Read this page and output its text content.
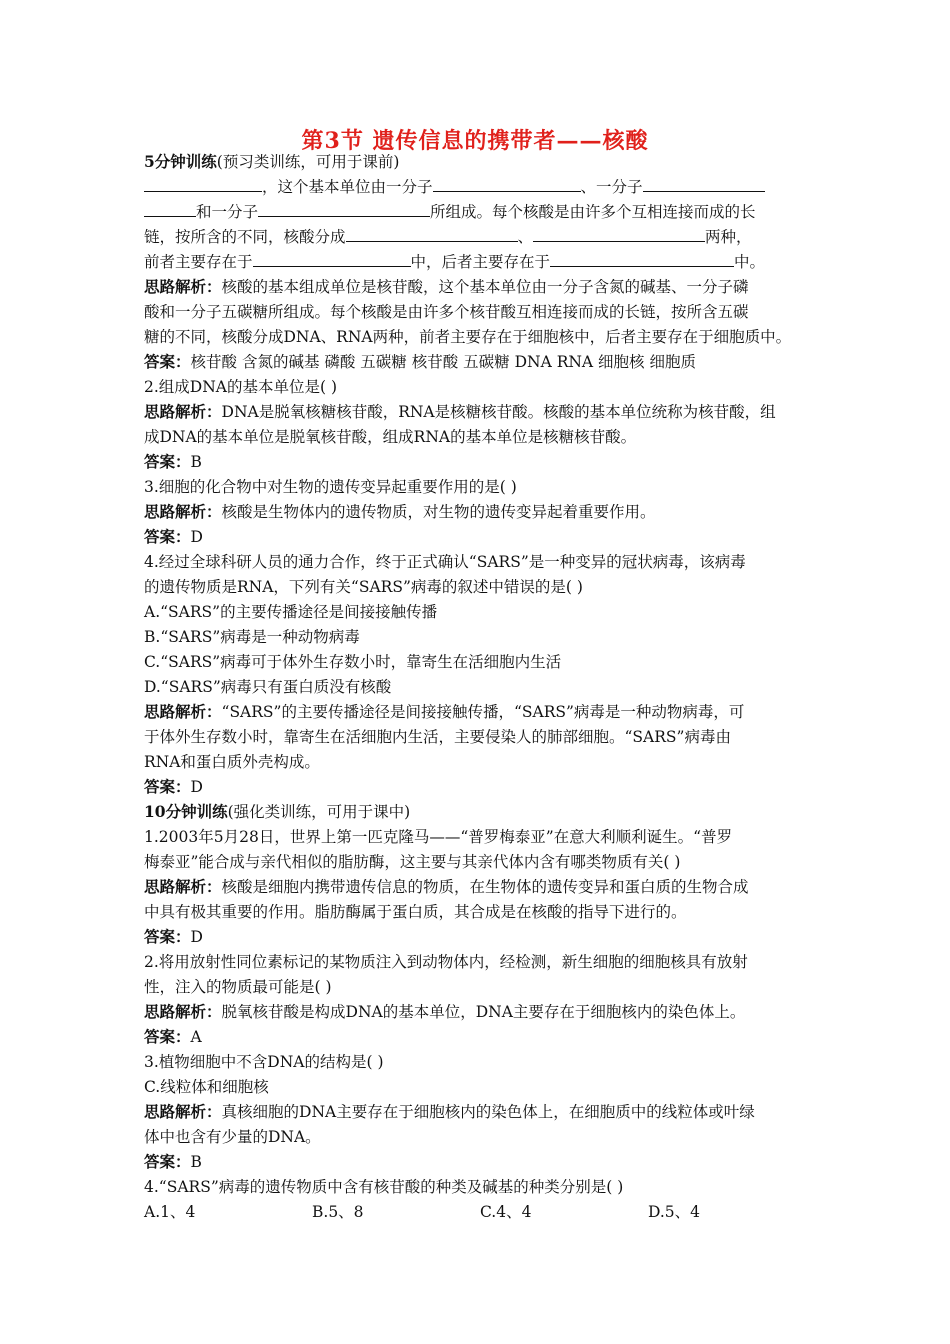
第3节 遗传信息的携带者——核酸
5分钟训练(预习类训练，可用于课前)
，这个基本单位由一分子	、一分子
和一分子	所组成。每个核酸是由许多个互相连接而成的长
链，按所含的不同，核酸分成	、	两种，
前者主要存在于	中，后者主要存在于	中。
思路解析：核酸的基本组成单位是核苷酸，这个基本单位由一分子含氮的碱基、一分子磷
酸和一分子五碳糖所组成。每个核酸是由许多个核苷酸互相连接而成的长链，按所含五碳
糖的不同，核酸分成DNA、RNA两种，前者主要存在于细胞核中，后者主要存在于细胞质中。
答案：核苷酸 含氮的碱基 磷酸 五碳糖 核苷酸 五碳糖 DNA RNA 细胞核 细胞质
2.组成DNA的基本单位是( )
思路解析：DNA是脱氧核糖核苷酸，RNA是核糖核苷酸。核酸的基本单位统称为核苷酸，组
成DNA的基本单位是脱氧核苷酸，组成RNA的基本单位是核糖核苷酸。
答案：B
3.细胞的化合物中对生物的遗传变异起重要作用的是( )
思路解析：核酸是生物体内的遗传物质，对生物的遗传变异起着重要作用。
答案：D
4.经过全球科研人员的通力合作，终于正式确认“SARS”是一种变异的冠状病毒，该病毒
的遗传物质是RNA，下列有关“SARS”病毒的叙述中错误的是( )
A.“SARS”的主要传播途径是间接接触传播
B.“SARS”病毒是一种动物病毒
C.“SARS”病毒可于体外生存数小时，靠寄生在活细胞内生活
D.“SARS”病毒只有蛋白质没有核酸
思路解析：“SARS”的主要传播途径是间接接触传播，“SARS”病毒是一种动物病毒，可
于体外生存数小时，靠寄生在活细胞内生活，主要侵染人的肺部细胞。“SARS”病毒由
RNA和蛋白质外壳构成。
答案：D
10分钟训练(强化类训练，可用于课中)
1.2003年5月28日，世界上第一匹克隆马——“普罗梅泰亚”在意大利顺利诞生。“普罗
梅泰亚”能合成与亲代相似的脂肪酶，这主要与其亲代体内含有哪类物质有关( )
思路解析：核酸是细胞内携带遗传信息的物质，在生物体的遗传变异和蛋白质的生物合成
中具有极其重要的作用。脂肪酶属于蛋白质，其合成是在核酸的指导下进行的。
答案：D
2.将用放射性同位素标记的某物质注入到动物体内，经检测，新生细胞的细胞核具有放射
性，注入的物质最可能是( )
思路解析：脱氧核苷酸是构成DNA的基本单位，DNA主要存在于细胞核内的染色体上。
答案：A
3.植物细胞中不含DNA的结构是( )
C.线粒体和细胞核
思路解析：真核细胞的DNA主要存在于细胞核内的染色体上，在细胞质中的线粒体或叶绿
体中也含有少量的DNA。
答案：B
4.“SARS”病毒的遗传物质中含有核苷酸的种类及碱基的种类分别是( )
A.1、4	B.5、8	C.4、4	D.5、4
